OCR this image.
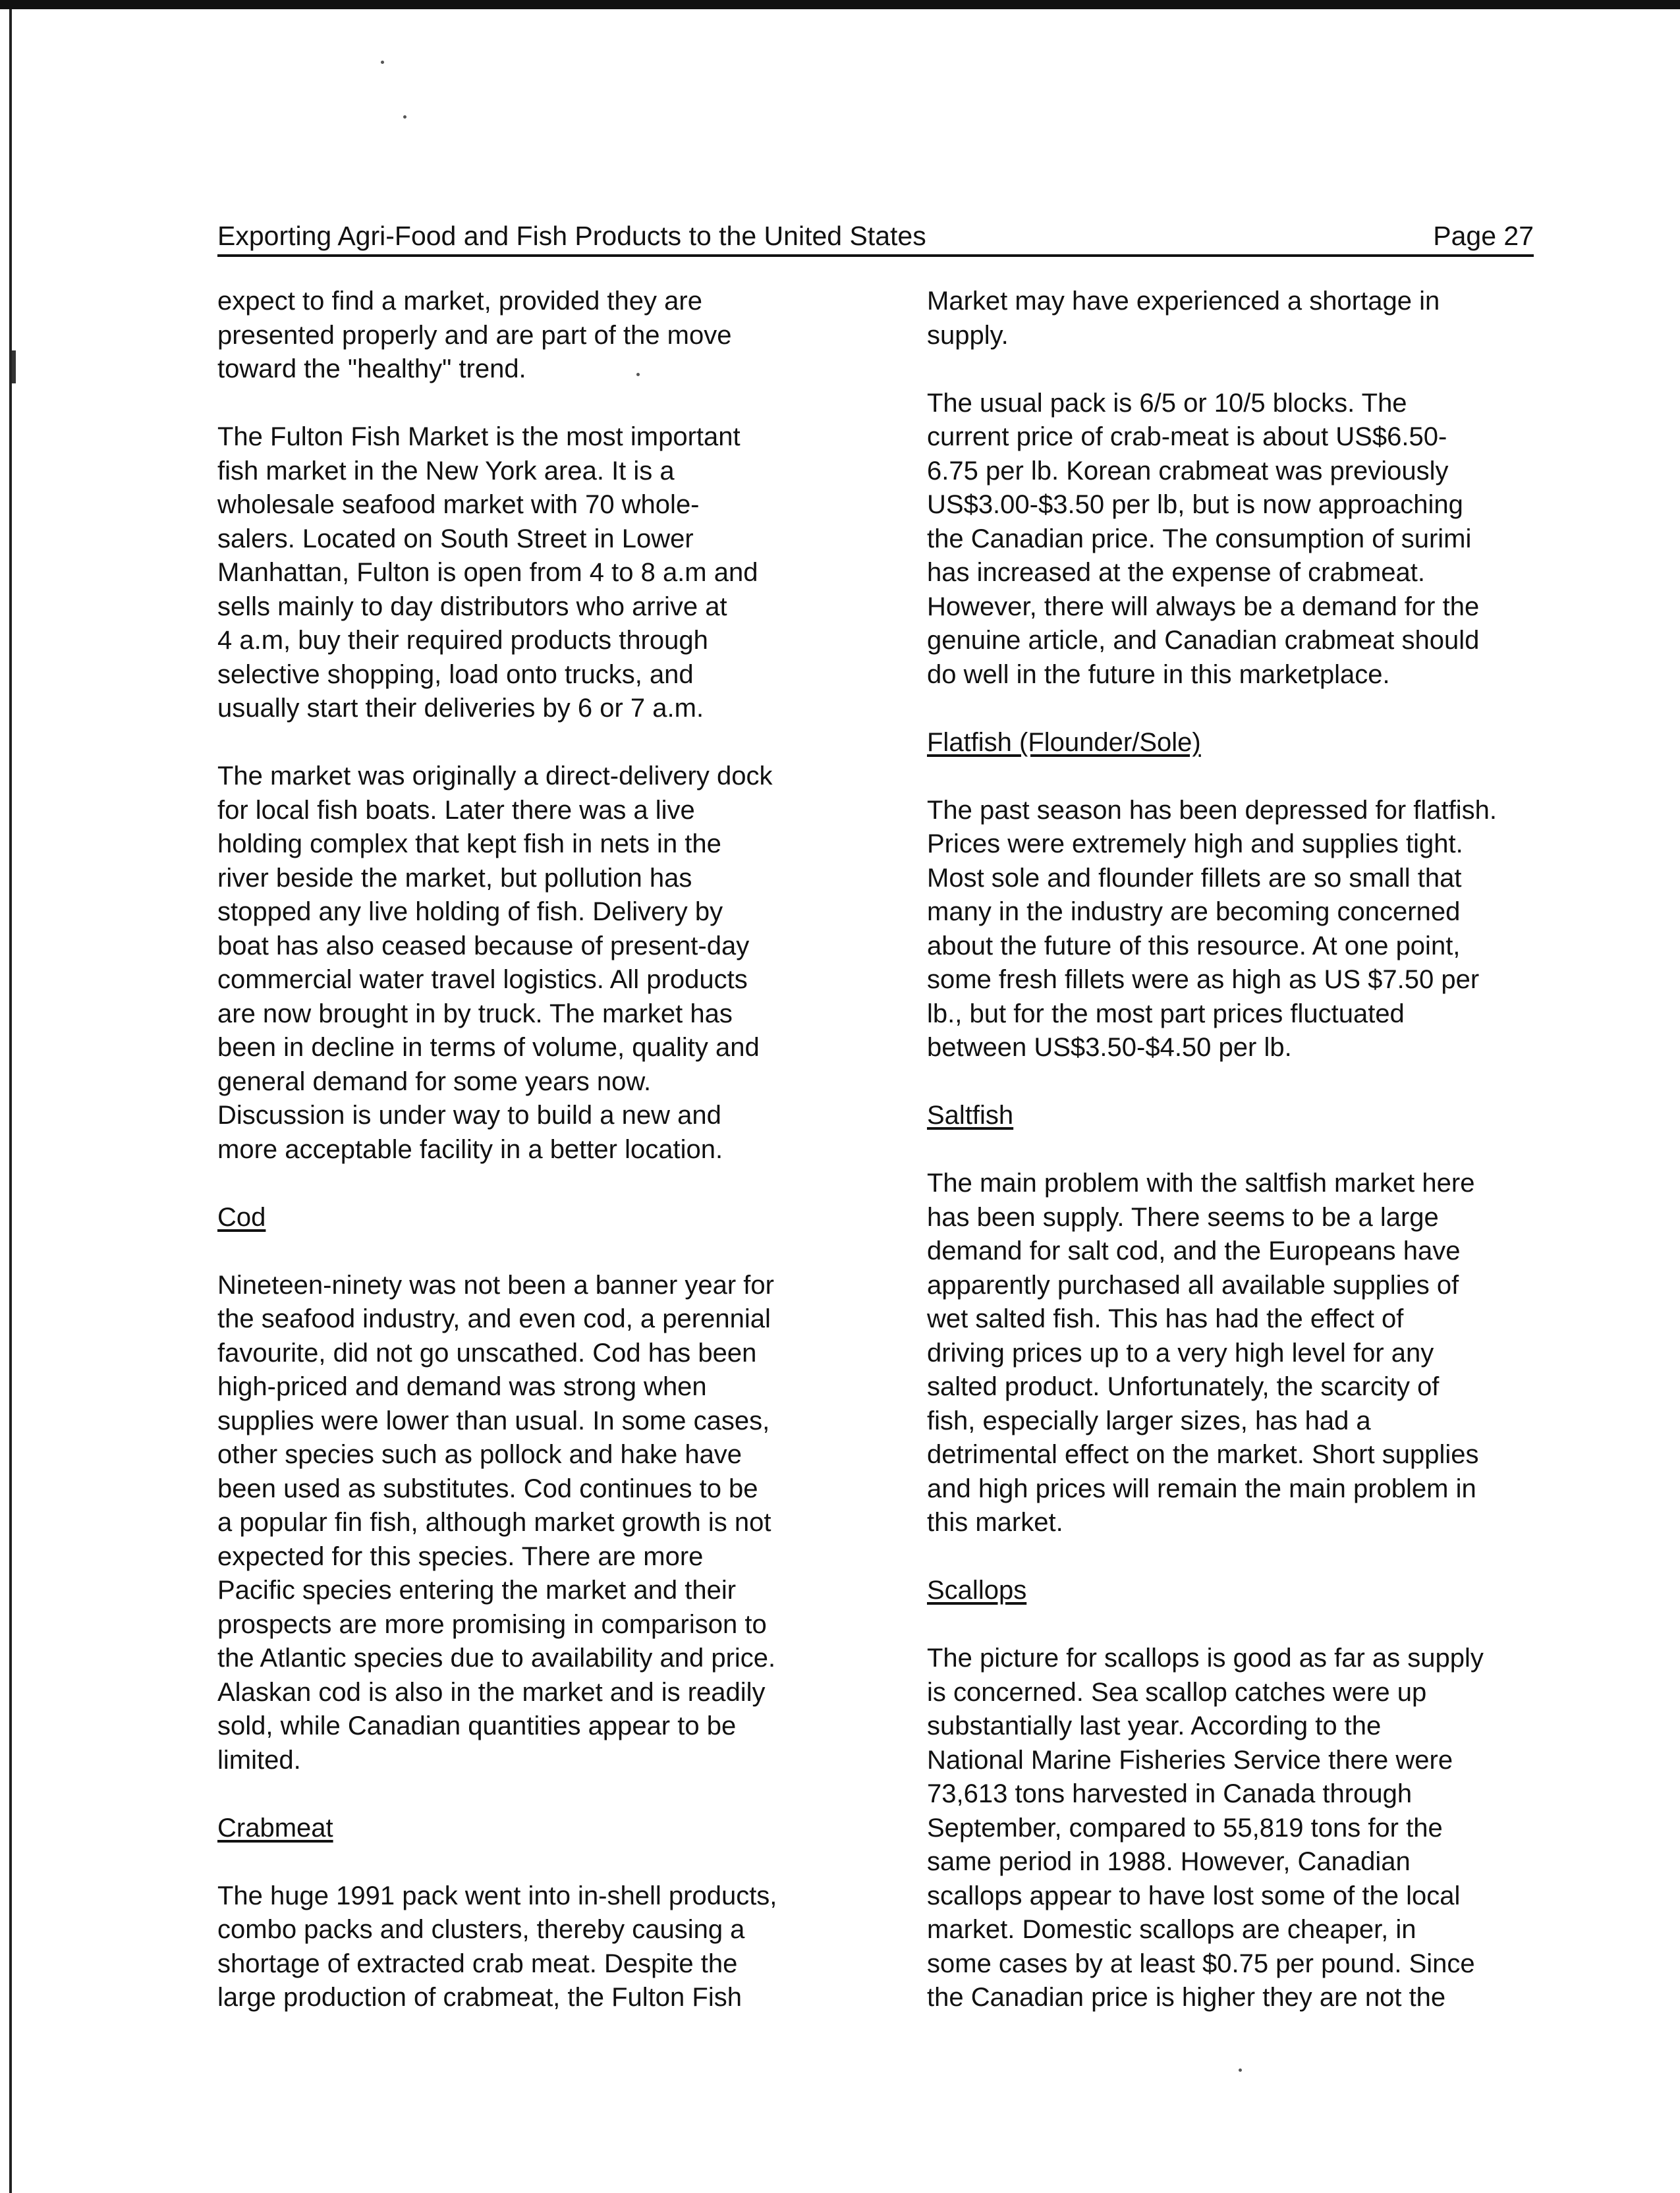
Exporting Agri-Food and Fish Products to the United States	Page 27
expect to find a market, provided they are
presented properly and are part of the move
toward the "healthy" trend.
The Fulton Fish Market is the most important
fish market in the New York area. It is a
wholesale seafood market with 70 whole-
salers. Located on South Street in Lower
Manhattan, Fulton is open from 4 to 8 a.m and
sells mainly to day distributors who arrive at
4 a.m, buy their required products through
selective shopping, load onto trucks, and
usually start their deliveries by 6 or 7 a.m.
The market was originally a direct-delivery dock
for local fish boats. Later there was a live
holding complex that kept fish in nets in the
river beside the market, but pollution has
stopped any live holding of fish. Delivery by
boat has also ceased because of present-day
commercial water travel logistics. All products
are now brought in by truck. The market has
been in decline in terms of volume, quality and
general demand for some years now.
Discussion is under way to build a new and
more acceptable facility in a better location.
Cod
Nineteen-ninety was not been a banner year for
the seafood industry, and even cod, a perennial
favourite, did not go unscathed. Cod has been
high-priced and demand was strong when
supplies were lower than usual. In some cases,
other species such as pollock and hake have
been used as substitutes. Cod continues to be
a popular fin fish, although market growth is not
expected for this species. There are more
Pacific species entering the market and their
prospects are more promising in comparison to
the Atlantic species due to availability and price.
Alaskan cod is also in the market and is readily
sold, while Canadian quantities appear to be
limited.
Crabmeat
The huge 1991 pack went into in-shell products,
combo packs and clusters, thereby causing a
shortage of extracted crab meat. Despite the
large production of crabmeat, the Fulton Fish
Market may have experienced a shortage in
supply.
The usual pack is 6/5 or 10/5 blocks. The
current price of crab-meat is about US$6.50-
6.75 per lb. Korean crabmeat was previously
US$3.00-$3.50 per lb, but is now approaching
the Canadian price. The consumption of surimi
has increased at the expense of crabmeat.
However, there will always be a demand for the
genuine article, and Canadian crabmeat should
do well in the future in this marketplace.
Flatfish (Flounder/Sole)
The past season has been depressed for flatfish.
Prices were extremely high and supplies tight.
Most sole and flounder fillets are so small that
many in the industry are becoming concerned
about the future of this resource. At one point,
some fresh fillets were as high as US $7.50 per
lb., but for the most part prices fluctuated
between US$3.50-$4.50 per lb.
Saltfish
The main problem with the saltfish market here
has been supply. There seems to be a large
demand for salt cod, and the Europeans have
apparently purchased all available supplies of
wet salted fish. This has had the effect of
driving prices up to a very high level for any
salted product. Unfortunately, the scarcity of
fish, especially larger sizes, has had a
detrimental effect on the market. Short supplies
and high prices will remain the main problem in
this market.
Scallops
The picture for scallops is good as far as supply
is concerned. Sea scallop catches were up
substantially last year. According to the
National Marine Fisheries Service there were
73,613 tons harvested in Canada through
September, compared to 55,819 tons for the
same period in 1988. However, Canadian
scallops appear to have lost some of the local
market. Domestic scallops are cheaper, in
some cases by at least $0.75 per pound. Since
the Canadian price is higher they are not the
